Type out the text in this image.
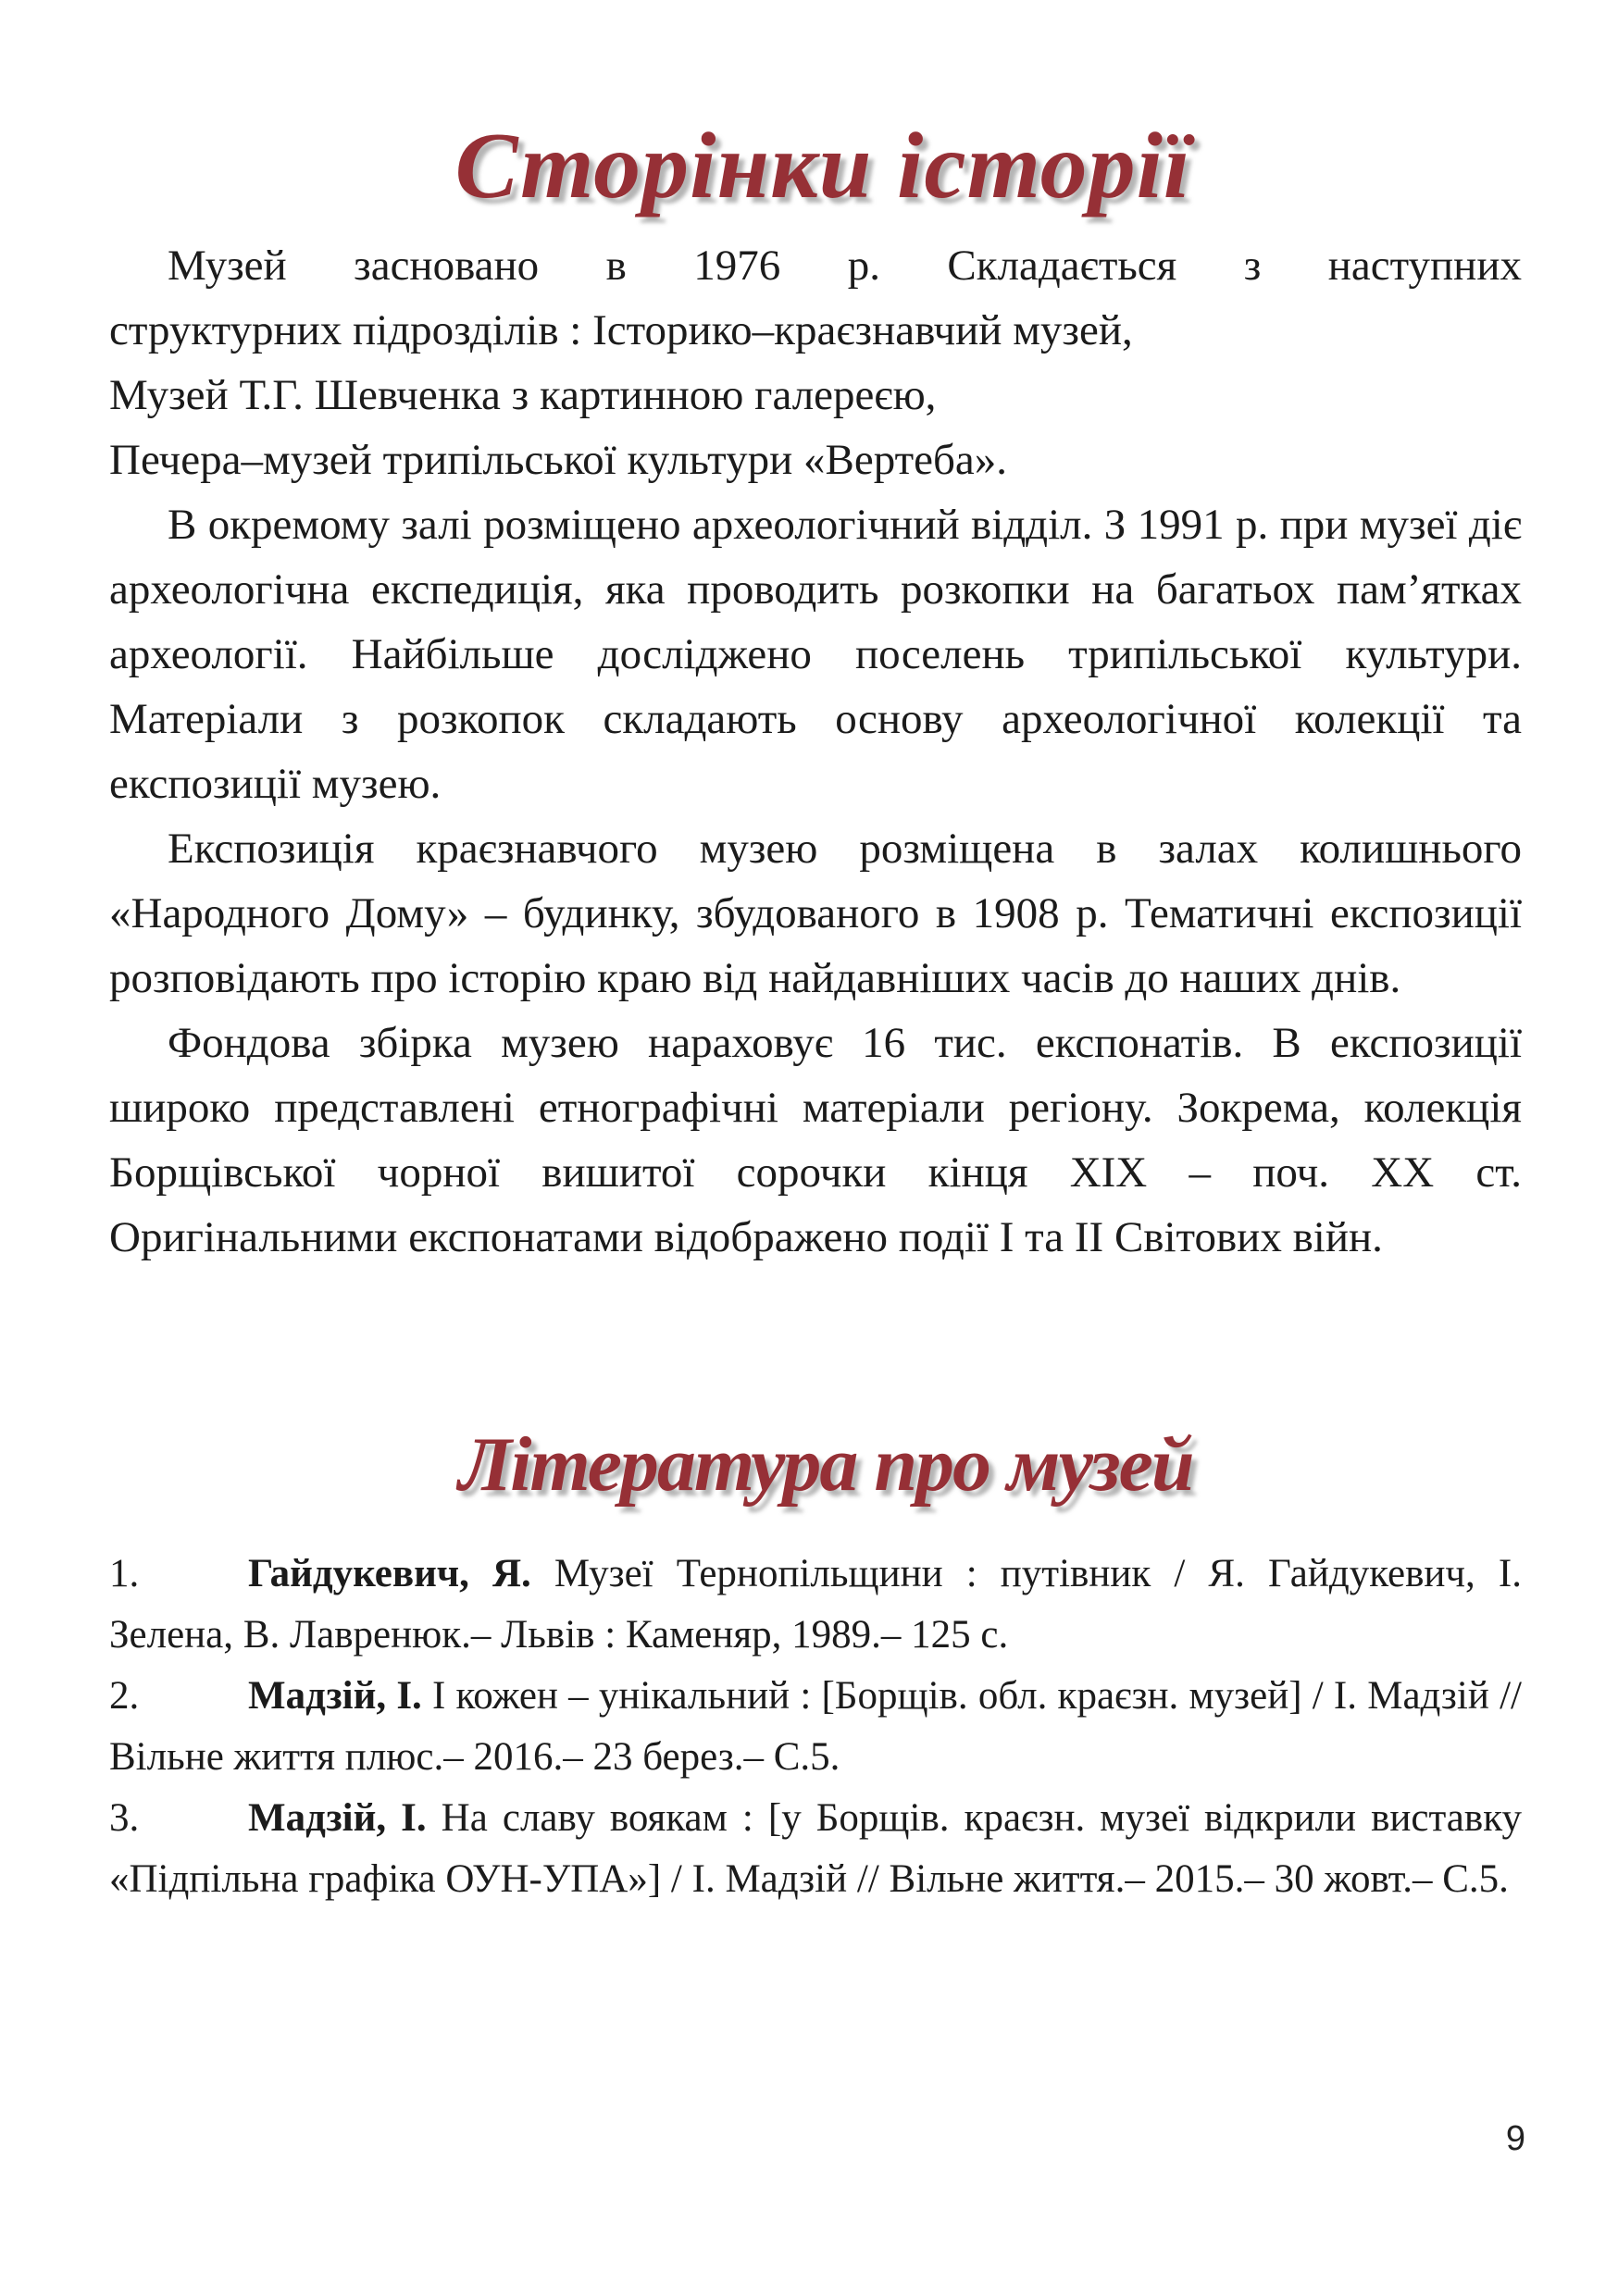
Сторінки історії

Музей засновано в 1976 р. Складається з наступних

структурних підрозділів : Історико–краєзнавчий музей,

Музей Т.Г. Шевченка з картинною галереєю,

Печера–музей трипільської культури «Вертеба».

В окремому залі розміщено археологічний відділ. З 1991 р. при музеї діє археологічна експедиція, яка проводить розкопки на багатьох пам’ятках археології. Найбільше досліджено поселень трипільської культури. Матеріали з розкопок складають основу археологічної колекції та експозиції музею.

Експозиція краєзнавчого музею розміщена в залах колишнього «Народного Дому» – будинку, збудованого в 1908 р. Тематичні експозиції розповідають про історію краю від найдавніших часів до наших днів.

Фондова збірка музею нараховує 16 тис. експонатів. В експозиції широко представлені етнографічні матеріали регіону. Зокрема, колекція Борщівської чорної вишитої сорочки кінця ХІХ – поч. ХХ ст. Оригінальними експонатами відображено події І та ІІ Світових війн.

Література про музей

1.	Гайдукевич, Я. Музеї Тернопільщини : путівник / Я. Гайдукевич, І. Зелена, В. Лавренюк.– Львів : Каменяр, 1989.– 125 с.

2.	Мадзій, І. І кожен – унікальний : [Борщів. обл. краєзн. музей] / І. Мадзій // Вільне життя плюс.– 2016.– 23 берез.– С.5.

3.	Мадзій, І. На славу воякам : [у Борщів. краєзн. музеї відкрили виставку «Підпільна графіка ОУН-УПА»] / І. Мадзій // Вільне життя.– 2015.– 30 жовт.– С.5.

9
